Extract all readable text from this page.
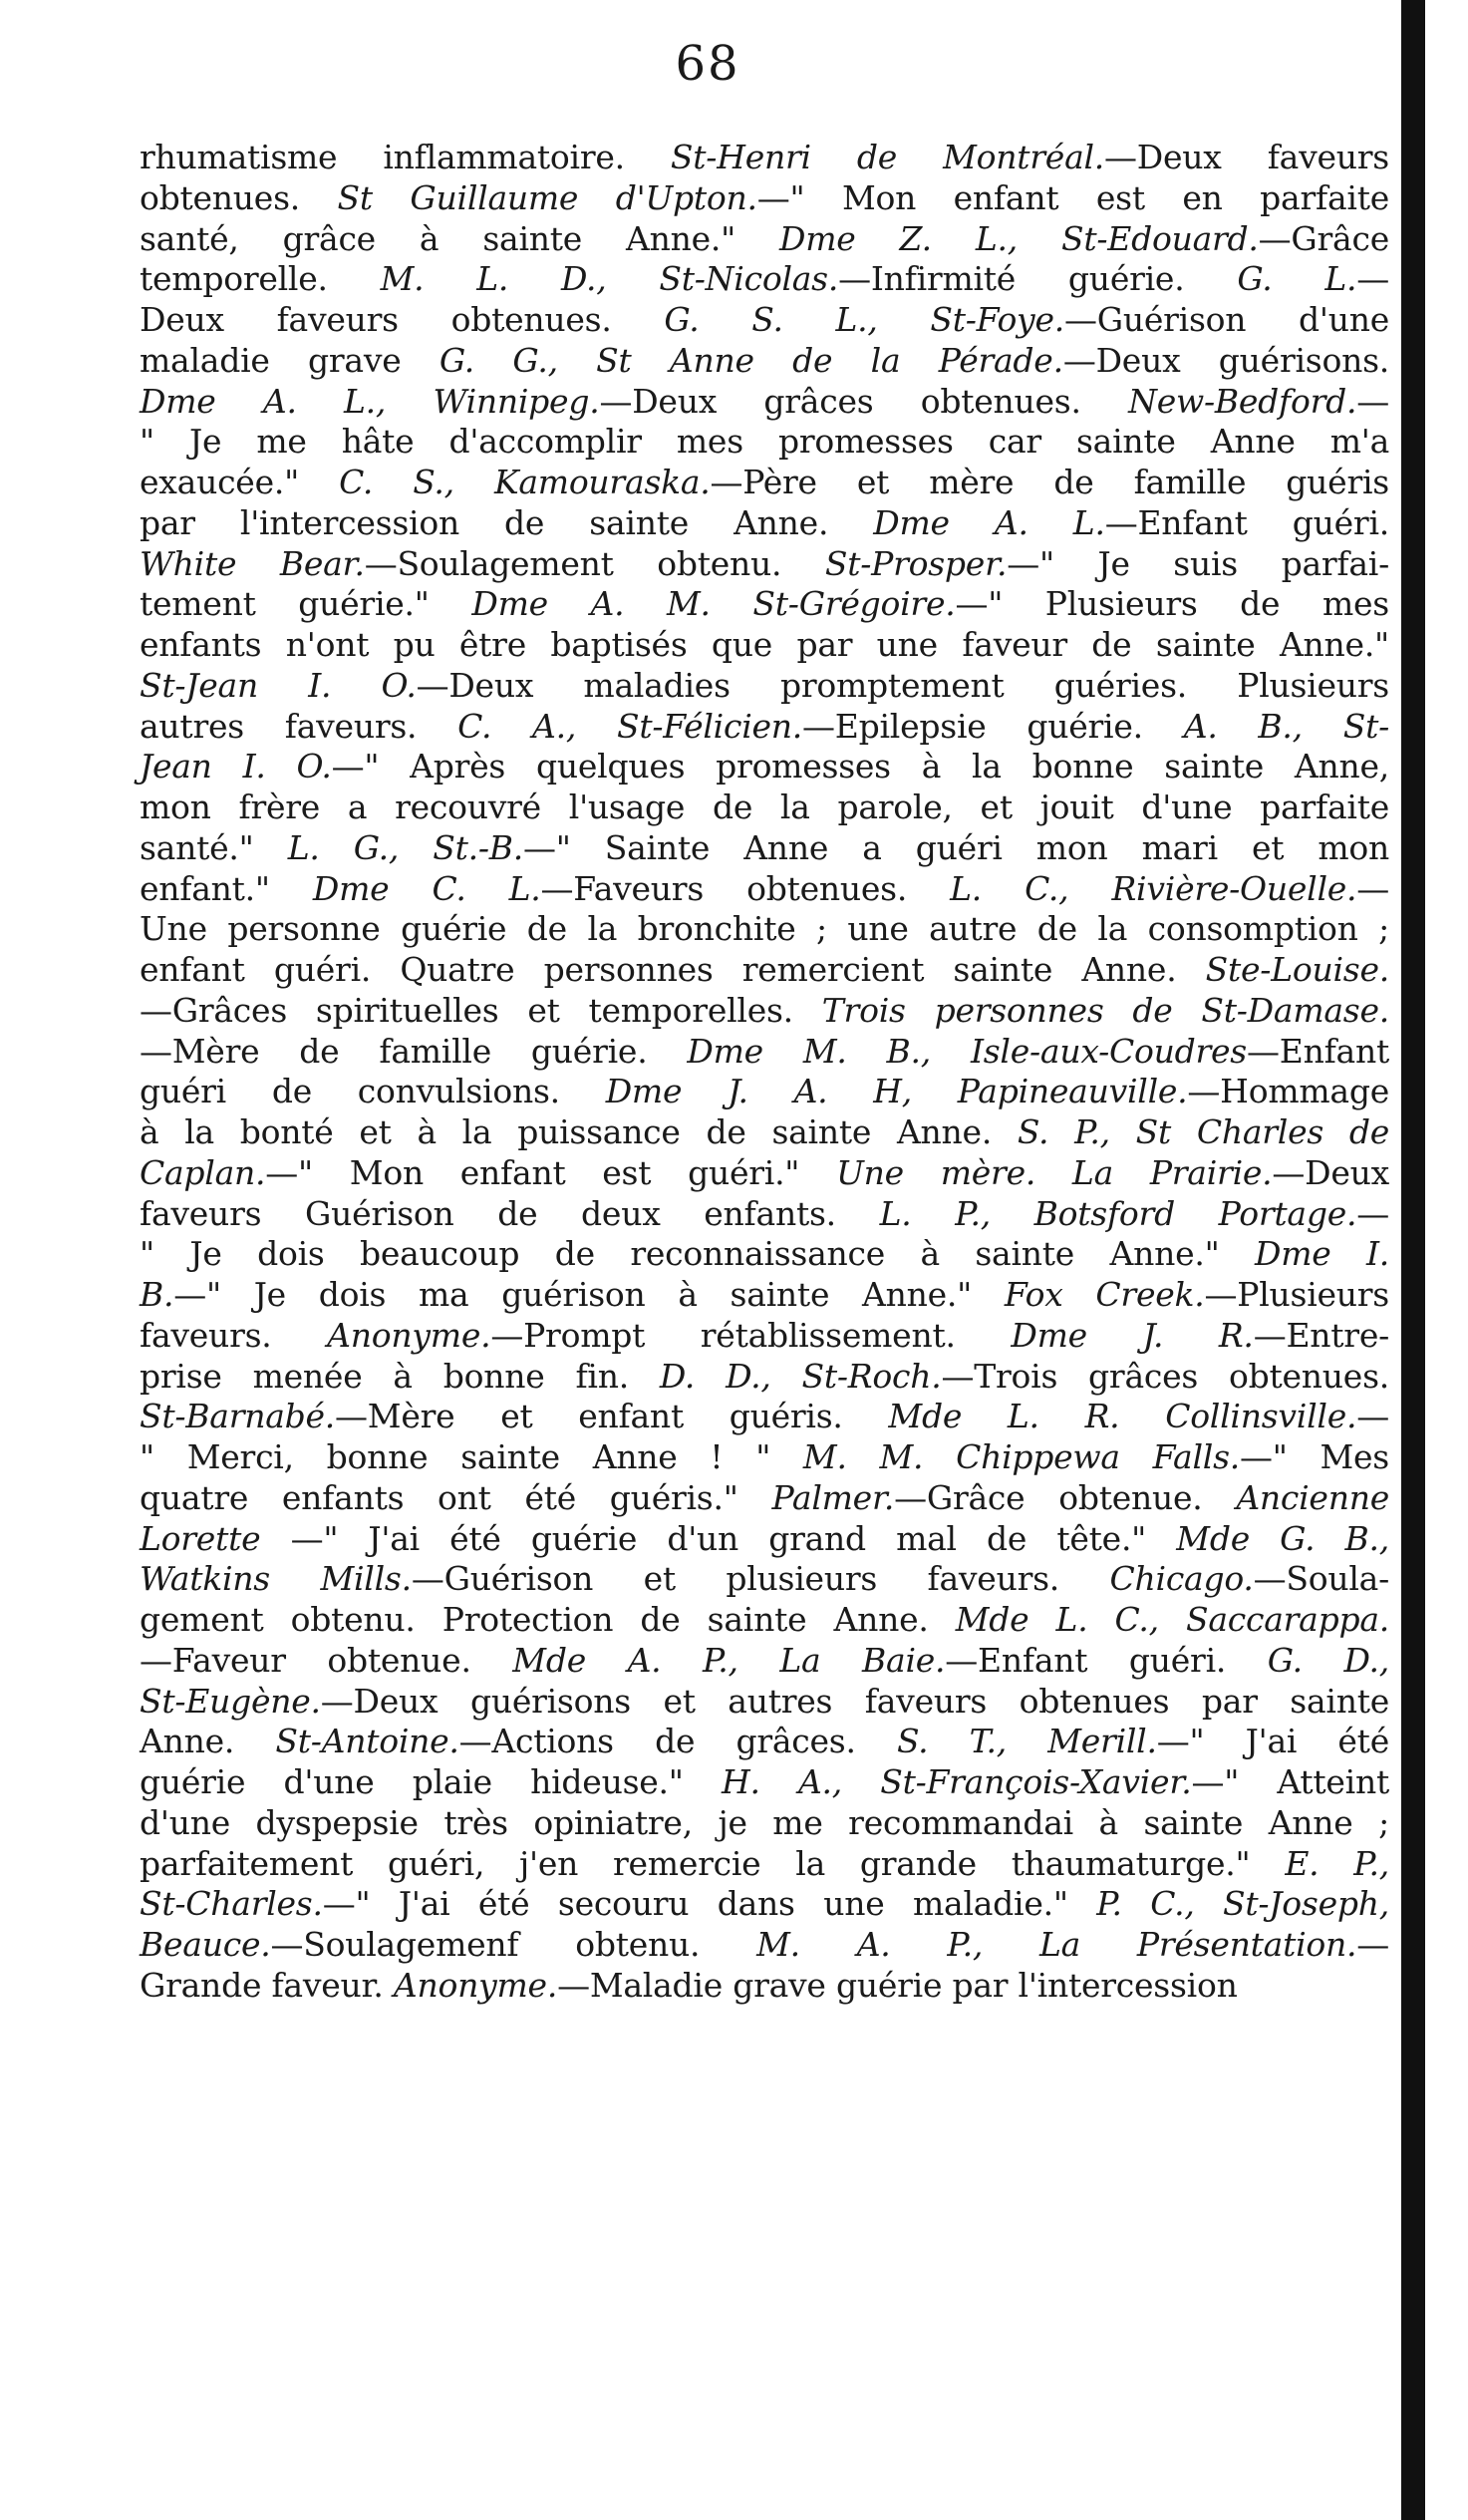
68
rhumatisme inflammatoire. St-Henri de Montréal.—Deux faveurs
obtenues. St Guillaume d'Upton.—" Mon enfant est en parfaite
santé, grâce à sainte Anne." Dme Z. L., St-Edouard.—Grâce
temporelle. M. L. D., St-Nicolas.—Infirmité guérie. G. L.—
Deux faveurs obtenues. G. S. L., St-Foye.—Guérison d'une
maladie grave G. G., St Anne de la Pérade.—Deux guérisons.
Dme A. L., Winnipeg.—Deux grâces obtenues. New-Bedford.—
" Je me hâte d'accomplir mes promesses car sainte Anne m'a
exaucée." C. S., Kamouraska.—Père et mère de famille guéris
par l'intercession de sainte Anne. Dme A. L.—Enfant guéri.
White Bear.—Soulagement obtenu. St-Prosper.—" Je suis parfai-
tement guérie." Dme A. M. St-Grégoire.—" Plusieurs de mes
enfants n'ont pu être baptisés que par une faveur de sainte Anne."
St-Jean I. O.—Deux maladies promptement guéries. Plusieurs
autres faveurs. C. A., St-Félicien.—Epilepsie guérie. A. B., St-
Jean I. O.—" Après quelques promesses à la bonne sainte Anne,
mon frère a recouvré l'usage de la parole, et jouit d'une parfaite
santé." L. G., St.-B.—" Sainte Anne a guéri mon mari et mon
enfant." Dme C. L.—Faveurs obtenues. L. C., Rivière-Ouelle.—
Une personne guérie de la bronchite ; une autre de la consomption ;
enfant guéri. Quatre personnes remercient sainte Anne. Ste-Louise.
—Grâces spirituelles et temporelles. Trois personnes de St-Damase.
—Mère de famille guérie. Dme M. B., Isle-aux-Coudres—Enfant
guéri de convulsions. Dme J. A. H, Papineauville.—Hommage
à la bonté et à la puissance de sainte Anne. S. P., St Charles de
Caplan.—" Mon enfant est guéri." Une mère. La Prairie.—Deux
faveurs Guérison de deux enfants. L. P., Botsford Portage.—
" Je dois beaucoup de reconnaissance à sainte Anne." Dme I.
B.—" Je dois ma guérison à sainte Anne." Fox Creek.—Plusieurs
faveurs. Anonyme.—Prompt rétablissement. Dme J. R.—Entre-
prise menée à bonne fin. D. D., St-Roch.—Trois grâces obtenues.
St-Barnabé.—Mère et enfant guéris. Mde L. R. Collinsville.—
" Merci, bonne sainte Anne ! " M. M. Chippewa Falls.—" Mes
quatre enfants ont été guéris." Palmer.—Grâce obtenue. Ancienne
Lorette —" J'ai été guérie d'un grand mal de tête." Mde G. B.,
Watkins Mills.—Guérison et plusieurs faveurs. Chicago.—Soula-
gement obtenu. Protection de sainte Anne. Mde L. C., Saccarappa.
—Faveur obtenue. Mde A. P., La Baie.—Enfant guéri. G. D.,
St-Eugène.—Deux guérisons et autres faveurs obtenues par sainte
Anne. St-Antoine.—Actions de grâces. S. T., Merill.—" J'ai été
guérie d'une plaie hideuse." H. A., St-François-Xavier.—" Atteint
d'une dyspepsie très opiniatre, je me recommandai à sainte Anne ;
parfaitement guéri, j'en remercie la grande thaumaturge." E. P.,
St-Charles.—" J'ai été secouru dans une maladie." P. C., St-Joseph,
Beauce.—Soulagemenf obtenu. M. A. P., La Présentation.—
Grande faveur. Anonyme.—Maladie grave guérie par l'intercession
